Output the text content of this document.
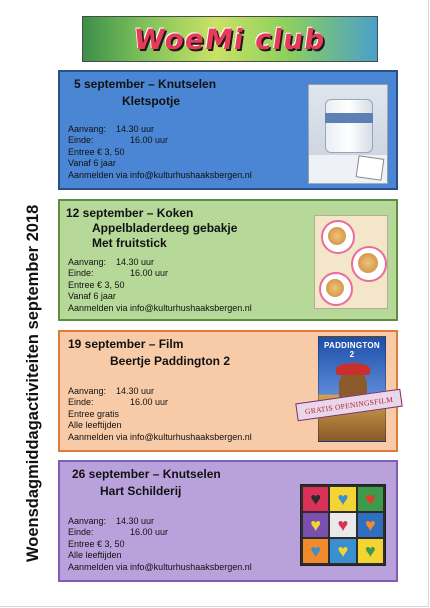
WoeMi club
Woensdagmiddagactiviteiten september 2018
5 september – Knutselen
Kletspotje
Aanvang:	14.30 uur
Einde:	16.00 uur
Entree € 3, 50
Vanaf 6 jaar
Aanmelden via info@kulturhushaaksbergen.nl
12 september – Koken
Appelbladerdeeg gebakje
Met fruitstick
Aanvang:	14.30 uur
Einde:	16.00 uur
Entree € 3, 50
Vanaf 6 jaar
Aanmelden via info@kulturhushaaksbergen.nl
19 september – Film
Beertje Paddington 2
Aanvang:	14.30 uur
Einde:	16.00 uur
Entree gratis
Alle leeftijden
Aanmelden via info@kulturhushaaksbergen.nl
PADDINGTON 2
GRATIS OPENINGSFILM
26 september – Knutselen
Hart Schilderij
Aanvang:	14.30 uur
Einde:	16.00 uur
Entree € 3, 50
Alle leeftijden
Aanmelden via info@kulturhushaaksbergen.nl
♥ ♥ ♥
♥ ♥ ♥
♥ ♥ ♥
